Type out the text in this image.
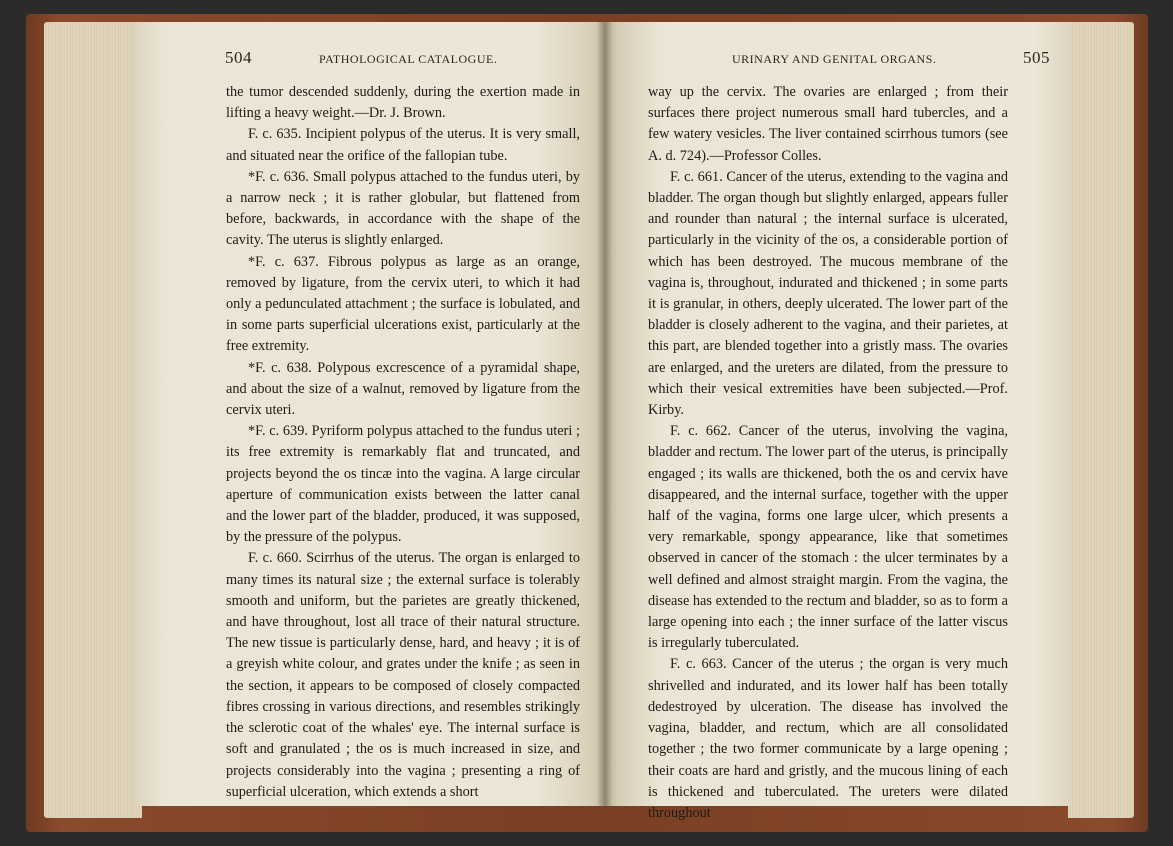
504	PATHOLOGICAL CATALOGUE.	URINARY AND GENITAL ORGANS.	505

the tumor descended suddenly, during the exertion made in lifting a heavy weight.—Dr. J. Brown.

F. c. 635. Incipient polypus of the uterus. It is very small, and situated near the orifice of the fallopian tube.

*F. c. 636. Small polypus attached to the fundus uteri, by a narrow neck ; it is rather globular, but flattened from before, backwards, in accordance with the shape of the cavity. The uterus is slightly enlarged.

*F. c. 637. Fibrous polypus as large as an orange, removed by ligature, from the cervix uteri, to which it had only a pedunculated attachment ; the surface is lobulated, and in some parts superficial ulcerations exist, particularly at the free extremity.

*F. c. 638. Polypous excrescence of a pyramidal shape, and about the size of a walnut, removed by ligature from the cervix uteri.

*F. c. 639. Pyriform polypus attached to the fundus uteri ; its free extremity is remarkably flat and truncated, and projects beyond the os tincæ into the vagina. A large circular aperture of communication exists between the latter canal and the lower part of the bladder, produced, it was supposed, by the pressure of the polypus.

F. c. 660. Scirrhus of the uterus. The organ is enlarged to many times its natural size ; the external surface is tolerably smooth and uniform, but the parietes are greatly thickened, and have throughout, lost all trace of their natural structure. The new tissue is particularly dense, hard, and heavy ; it is of a greyish white colour, and grates under the knife ; as seen in the section, it appears to be composed of closely compacted fibres crossing in various directions, and resembles strikingly the sclerotic coat of the whales' eye. The internal surface is soft and granulated ; the os is much increased in size, and projects considerably into the vagina ; presenting a ring of superficial ulceration, which extends a short

way up the cervix. The ovaries are enlarged ; from their surfaces there project numerous small hard tubercles, and a few watery vesicles. The liver contained scirrhous tumors (see A. d. 724).—Professor Colles.

F. c. 661. Cancer of the uterus, extending to the vagina and bladder. The organ though but slightly enlarged, appears fuller and rounder than natural ; the internal surface is ulcerated, particularly in the vicinity of the os, a considerable portion of which has been destroyed. The mucous membrane of the vagina is, throughout, indurated and thickened ; in some parts it is granular, in others, deeply ulcerated. The lower part of the bladder is closely adherent to the vagina, and their parietes, at this part, are blended together into a gristly mass. The ovaries are enlarged, and the ureters are dilated, from the pressure to which their vesical extremities have been subjected.—Prof. Kirby.

F. c. 662. Cancer of the uterus, involving the vagina, bladder and rectum. The lower part of the uterus, is principally engaged ; its walls are thickened, both the os and cervix have disappeared, and the internal surface, together with the upper half of the vagina, forms one large ulcer, which presents a very remarkable, spongy appearance, like that sometimes observed in cancer of the stomach : the ulcer terminates by a well defined and almost straight margin. From the vagina, the disease has extended to the rectum and bladder, so as to form a large opening into each ; the inner surface of the latter viscus is irregularly tuberculated.

F. c. 663. Cancer of the uterus ; the organ is very much shrivelled and indurated, and its lower half has been totally dedestroyed by ulceration. The disease has involved the vagina, bladder, and rectum, which are all consolidated together ; the two former communicate by a large opening ; their coats are hard and gristly, and the mucous lining of each is thickened and tuberculated. The ureters were dilated throughout
